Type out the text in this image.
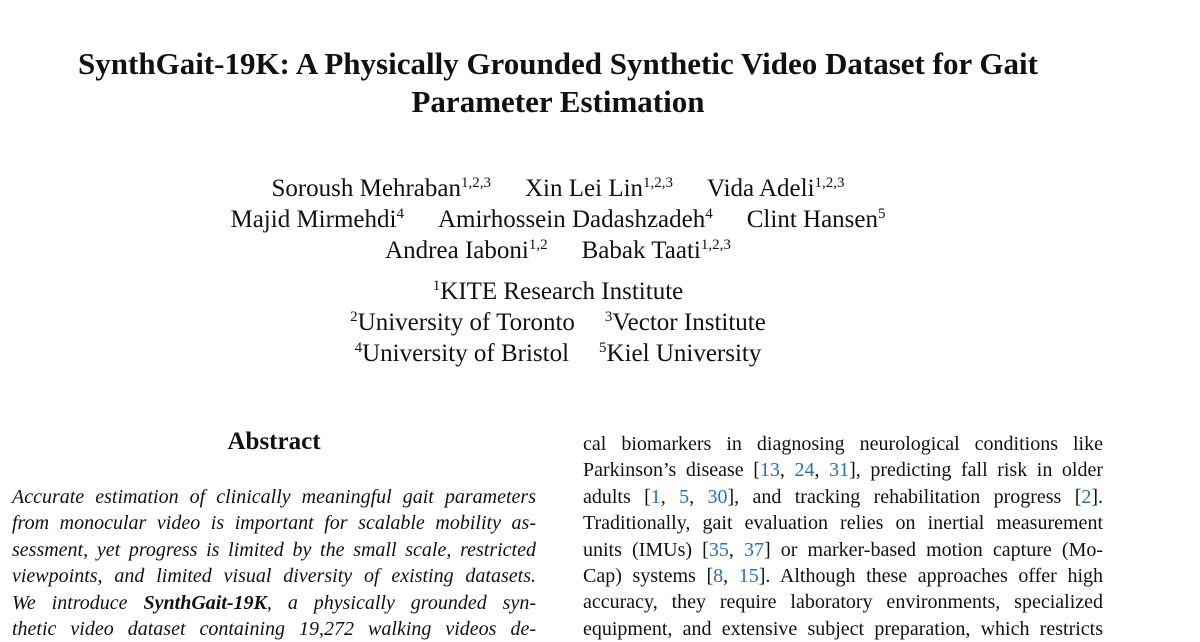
SynthGait-19K: A Physically Grounded Synthetic Video Dataset for Gait
Parameter Estimation
Soroush Mehraban$^{1,2,3}$ Xin Lei Lin$^{1,2,3}$ Vida Adeli$^{1,2,3}$
Majid Mirmehdi$^4$ Amirhossein Dadashzadeh$^4$ Clint Hansen$^5$
Andrea Iaboni$^{1,2}$ Babak Taati$^{1,2,3}$
$^1$KITE Research Institute
$^2$University of Toronto $^3$Vector Institute
$^4$University of Bristol $^5$Kiel University
Abstract
Accurate estimation of clinically meaningful gait parameters
from monocular video is important for scalable mobility as-
sessment, yet progress is limited by the small scale, restricted
viewpoints, and limited visual diversity of existing datasets.
We introduce SynthGait-19K, a physically grounded syn-
thetic video dataset containing 19,272 walking videos de-
cal biomarkers in diagnosing neurological conditions like
Parkinson’s disease [13, 24, 31], predicting fall risk in older
adults [1, 5, 30], and tracking rehabilitation progress [2].
Traditionally, gait evaluation relies on inertial measurement
units (IMUs) [35, 37] or marker-based motion capture (Mo-
Cap) systems [8, 15]. Although these approaches offer high
accuracy, they require laboratory environments, specialized
equipment, and extensive subject preparation, which restricts
